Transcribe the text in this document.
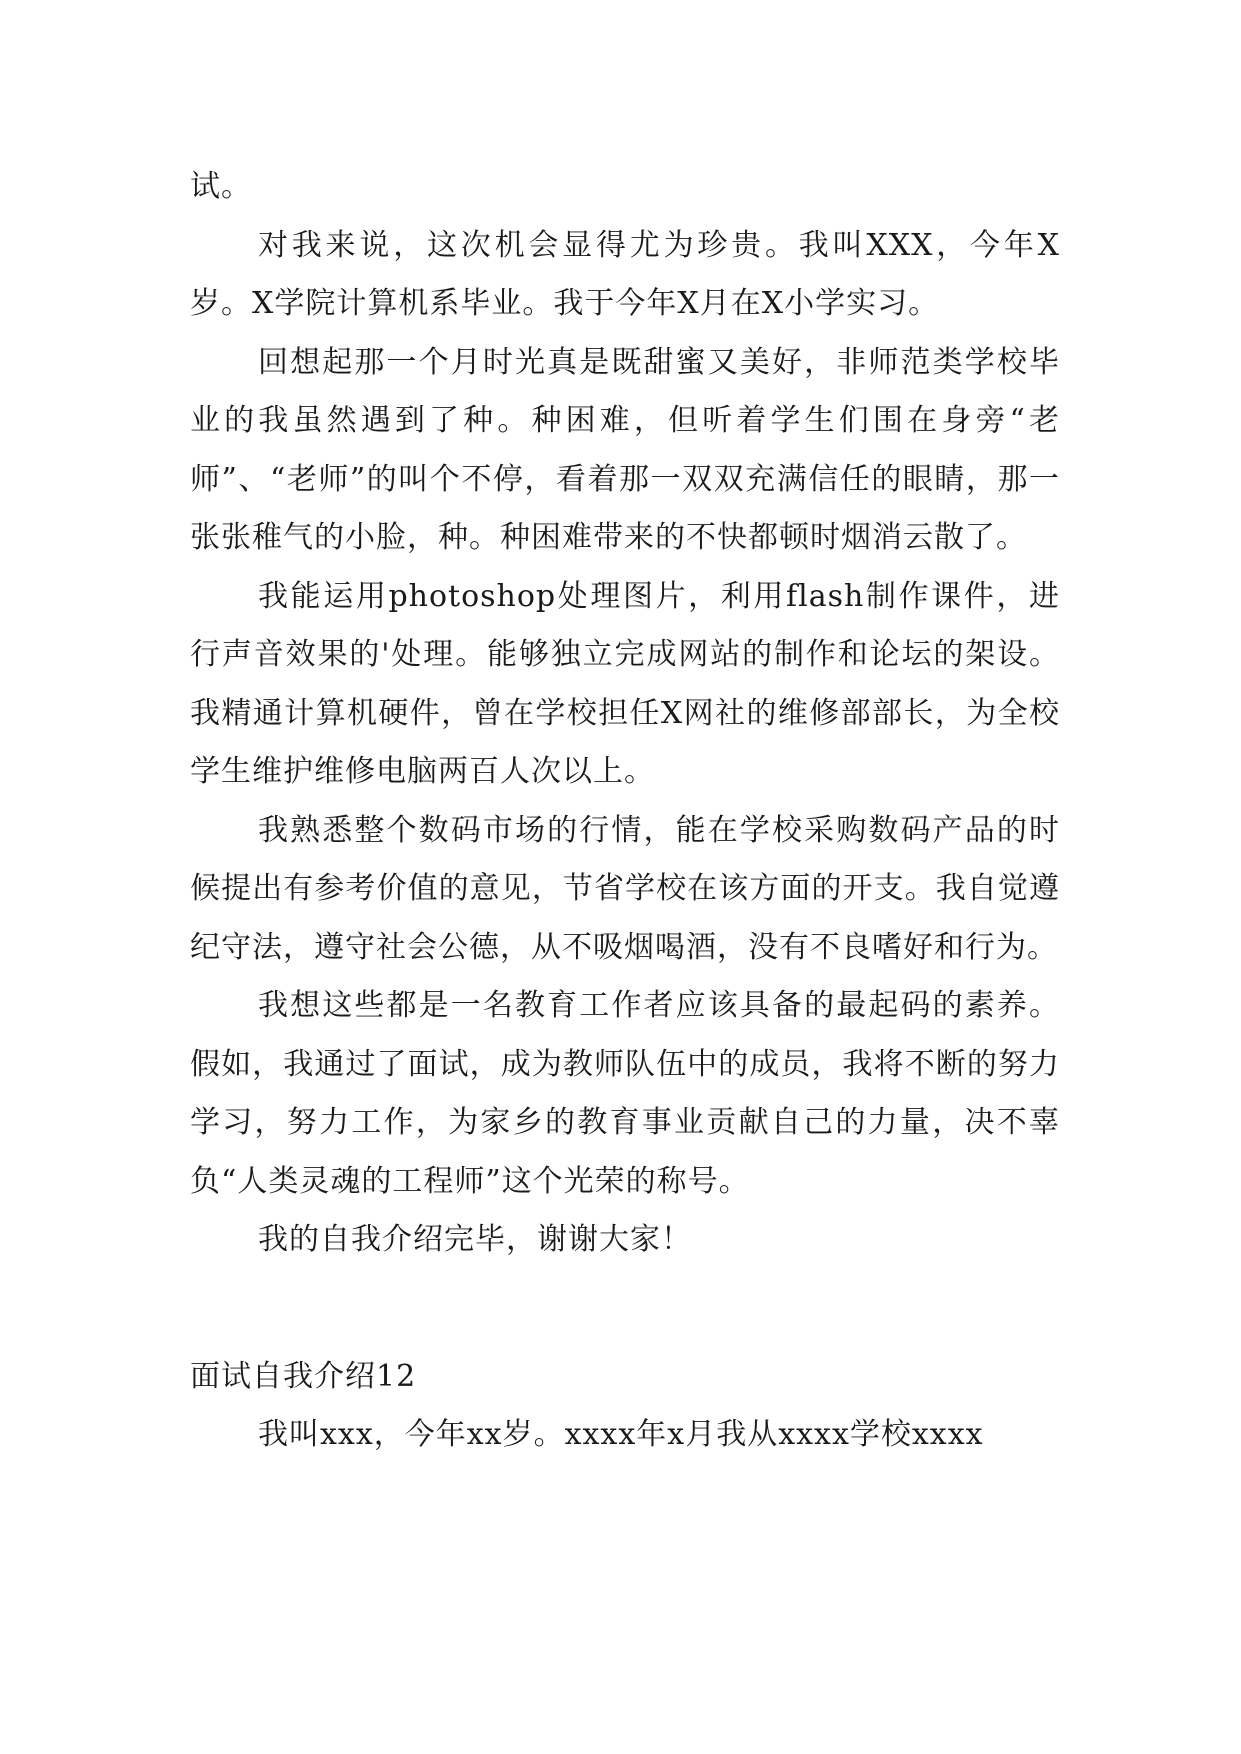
试。

对我来说，这次机会显得尤为珍贵。我叫XXX，今年X岁。X学院计算机系毕业。我于今年X月在X小学实习。

回想起那一个月时光真是既甜蜜又美好，非师范类学校毕业的我虽然遇到了种。种困难，但听着学生们围在身旁“老师”、“老师”的叫个不停，看着那一双双充满信任的眼睛，那一张张稚气的小脸，种。种困难带来的不快都顿时烟消云散了。

我能运用photoshop处理图片，利用flash制作课件，进行声音效果的'处理。能够独立完成网站的制作和论坛的架设。我精通计算机硬件，曾在学校担任X网社的维修部部长，为全校学生维护维修电脑两百人次以上。

我熟悉整个数码市场的行情，能在学校采购数码产品的时候提出有参考价值的意见，节省学校在该方面的开支。我自觉遵纪守法，遵守社会公德，从不吸烟喝酒，没有不良嗜好和行为。

我想这些都是一名教育工作者应该具备的最起码的素养。假如，我通过了面试，成为教师队伍中的成员，我将不断的努力学习，努力工作，为家乡的教育事业贡献自己的力量，决不辜负“人类灵魂的工程师”这个光荣的称号。

我的自我介绍完毕，谢谢大家！

面试自我介绍12

我叫xxx，今年xx岁。xxxx年x月我从xxxx学校xxxx
